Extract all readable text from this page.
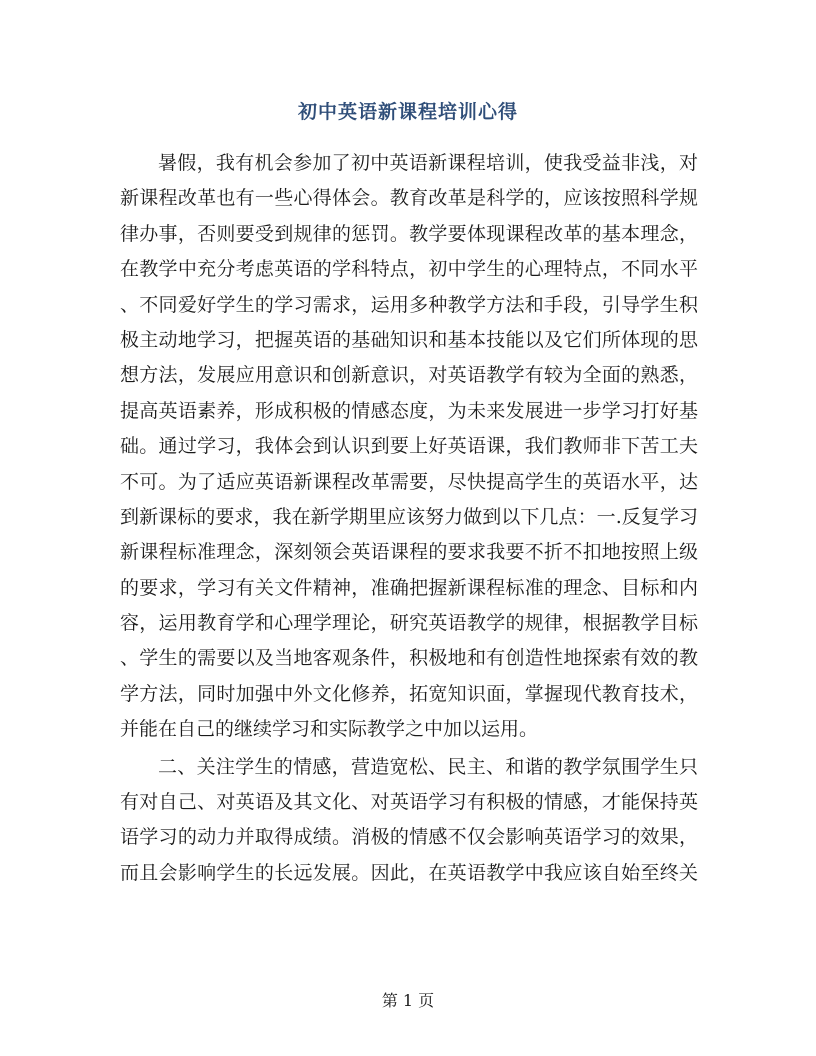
初中英语新课程培训心得
暑假，我有机会参加了初中英语新课程培训，使我受益非浅，对
新课程改革也有一些心得体会。教育改革是科学的，应该按照科学规
律办事，否则要受到规律的惩罚。教学要体现课程改革的基本理念，
在教学中充分考虑英语的学科特点，初中学生的心理特点，不同水平
、不同爱好学生的学习需求，运用多种教学方法和手段，引导学生积
极主动地学习，把握英语的基础知识和基本技能以及它们所体现的思
想方法，发展应用意识和创新意识，对英语教学有较为全面的熟悉，
提高英语素养，形成积极的情感态度，为未来发展进一步学习打好基
础。通过学习，我体会到认识到要上好英语课，我们教师非下苦工夫
不可。为了适应英语新课程改革需要，尽快提高学生的英语水平，达
到新课标的要求，我在新学期里应该努力做到以下几点：一.反复学习
新课程标准理念，深刻领会英语课程的要求我要不折不扣地按照上级
的要求，学习有关文件精神，准确把握新课程标准的理念、目标和内
容，运用教育学和心理学理论，研究英语教学的规律，根据教学目标
、学生的需要以及当地客观条件，积极地和有创造性地探索有效的教
学方法，同时加强中外文化修养，拓宽知识面，掌握现代教育技术，
并能在自己的继续学习和实际教学之中加以运用。
二、关注学生的情感，营造宽松、民主、和谐的教学氛围学生只
有对自己、对英语及其文化、对英语学习有积极的情感，才能保持英
语学习的动力并取得成绩。消极的情感不仅会影响英语学习的效果，
而且会影响学生的长远发展。因此，在英语教学中我应该自始至终关
第 1 页
